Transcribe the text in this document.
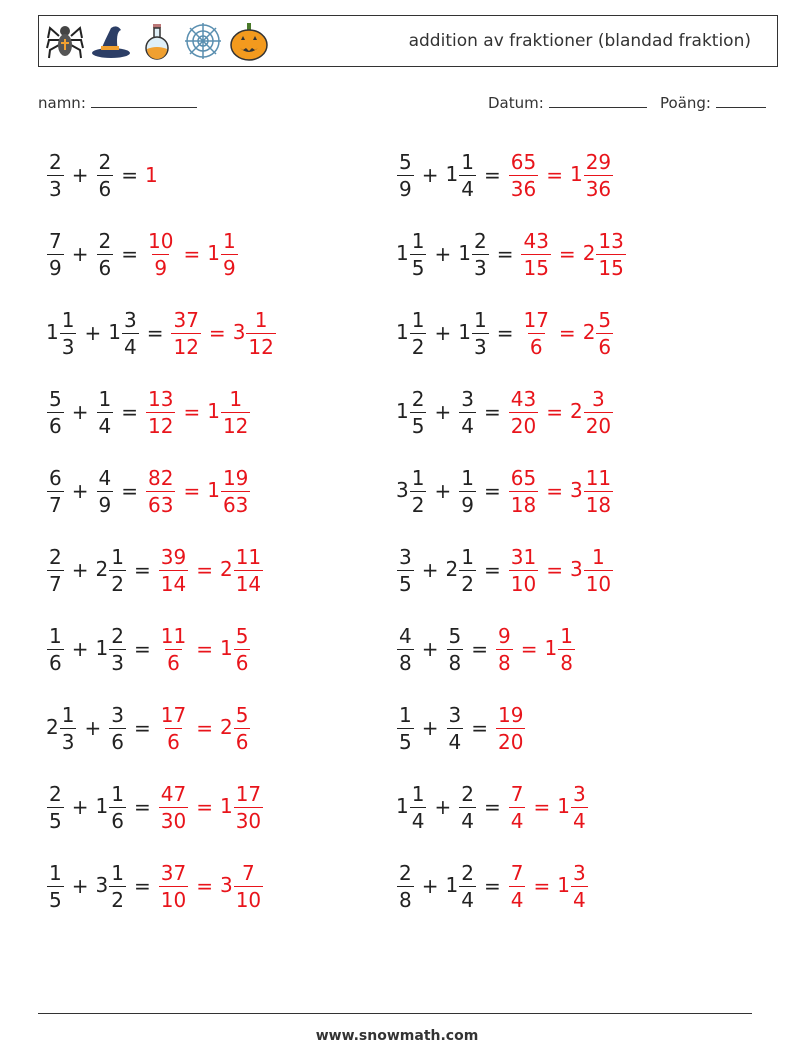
addition av fraktioner (blandad fraktion)
namn:	Datum:	Poäng:
$\frac{2}{3} + \frac{2}{6} = 1$	$\frac{5}{9} + 1 \frac{1}{4} = \frac{65}{36} = 1 \frac{29}{36}$
$\frac{7}{9} + \frac{2}{6} = \frac{10}{9} = 1 \frac{1}{9}$	$1 \frac{1}{5} + 1 \frac{2}{3} = \frac{43}{15} = 2 \frac{13}{15}$
$1 \frac{1}{3} + 1 \frac{3}{4} = \frac{37}{12} = 3 \frac{1}{12}$	$1 \frac{1}{2} + 1 \frac{1}{3} = \frac{17}{6} = 2 \frac{5}{6}$
$\frac{5}{6} + \frac{1}{4} = \frac{13}{12} = 1 \frac{1}{12}$	$1 \frac{2}{5} + \frac{3}{4} = \frac{43}{20} = 2 \frac{3}{20}$
$\frac{6}{7} + \frac{4}{9} = \frac{82}{63} = 1 \frac{19}{63}$	$3 \frac{1}{2} + \frac{1}{9} = \frac{65}{18} = 3 \frac{11}{18}$
$\frac{2}{7} + 2 \frac{1}{2} = \frac{39}{14} = 2 \frac{11}{14}$	$\frac{3}{5} + 2 \frac{1}{2} = \frac{31}{10} = 3 \frac{1}{10}$
$\frac{1}{6} + 1 \frac{2}{3} = \frac{11}{6} = 1 \frac{5}{6}$	$\frac{4}{8} + \frac{5}{8} = \frac{9}{8} = 1 \frac{1}{8}$
$2 \frac{1}{3} + \frac{3}{6} = \frac{17}{6} = 2 \frac{5}{6}$	$\frac{1}{5} + \frac{3}{4} = \frac{19}{20}$
$\frac{2}{5} + 1 \frac{1}{6} = \frac{47}{30} = 1 \frac{17}{30}$	$1 \frac{1}{4} + \frac{2}{4} = \frac{7}{4} = 1 \frac{3}{4}$
$\frac{1}{5} + 3 \frac{1}{2} = \frac{37}{10} = 3 \frac{7}{10}$	$\frac{2}{8} + 1 \frac{2}{4} = \frac{7}{4} = 1 \frac{3}{4}$
www.snowmath.com
